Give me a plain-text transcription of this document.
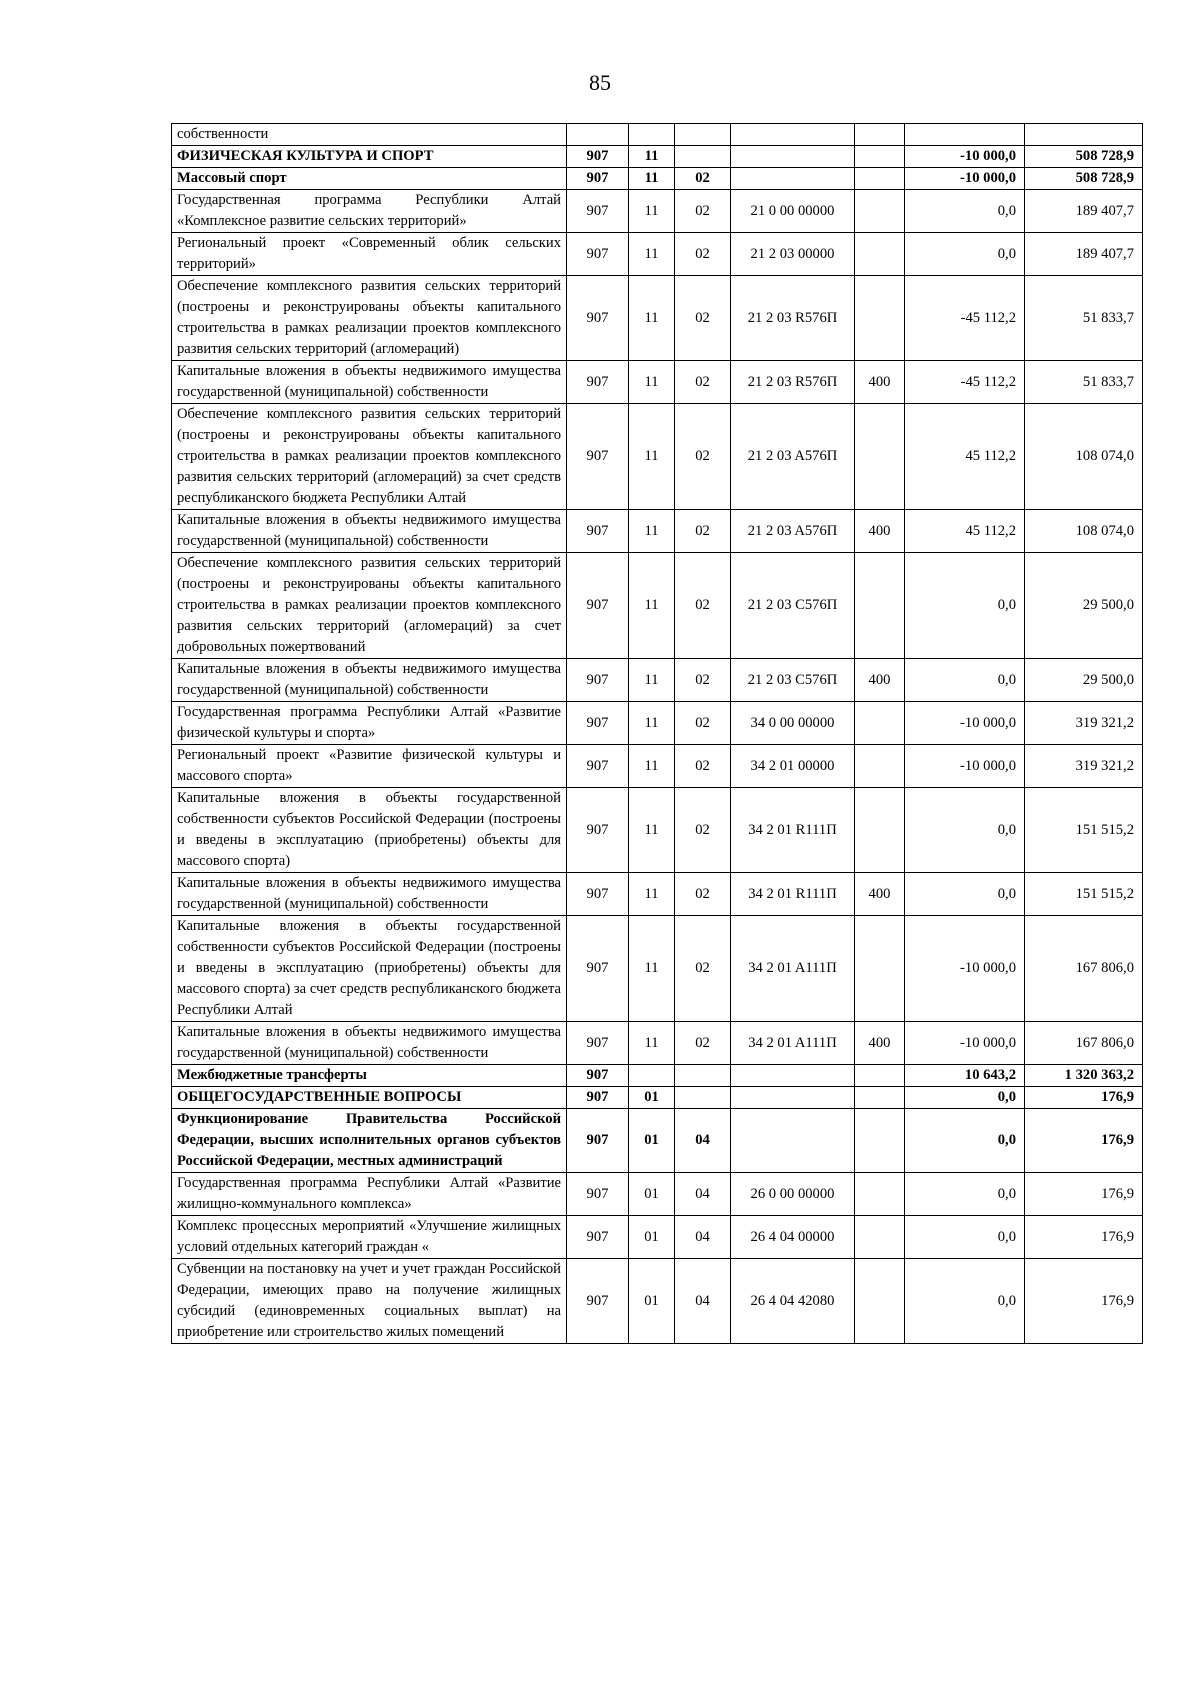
85
собственности							
ФИЗИЧЕСКАЯ КУЛЬТУРА И СПОРТ	907	11				-10 000,0	508 728,9
Массовый спорт	907	11	02			-10 000,0	508 728,9
Государственная программа Республики Алтай «Комплексное развитие сельских территорий»	907	11	02	21 0 00 00000		0,0	189 407,7
Региональный проект «Современный облик сельских территорий»	907	11	02	21 2 03 00000		0,0	189 407,7
Обеспечение комплексного развития сельских территорий (построены и реконструированы объекты капитального строительства в рамках реализации проектов комплексного развития сельских территорий (агломераций)	907	11	02	21 2 03 R576П		-45 112,2	51 833,7
Капитальные вложения в объекты недвижимого имущества государственной (муниципальной) собственности	907	11	02	21 2 03 R576П	400	-45 112,2	51 833,7
Обеспечение комплексного развития сельских территорий (построены и реконструированы объекты капитального строительства в рамках реализации проектов комплексного развития сельских территорий (агломераций) за счет средств республиканского бюджета Республики Алтай	907	11	02	21 2 03 A576П		45 112,2	108 074,0
Капитальные вложения в объекты недвижимого имущества государственной (муниципальной) собственности	907	11	02	21 2 03 A576П	400	45 112,2	108 074,0
Обеспечение комплексного развития сельских территорий (построены и реконструированы объекты капитального строительства в рамках реализации проектов комплексного развития сельских территорий (агломераций) за счет добровольных пожертвований	907	11	02	21 2 03 C576П		0,0	29 500,0
Капитальные вложения в объекты недвижимого имущества государственной (муниципальной) собственности	907	11	02	21 2 03 C576П	400	0,0	29 500,0
Государственная программа Республики Алтай «Развитие физической культуры и спорта»	907	11	02	34 0 00 00000		-10 000,0	319 321,2
Региональный проект «Развитие физической культуры и массового спорта»	907	11	02	34 2 01 00000		-10 000,0	319 321,2
Капитальные вложения в объекты государственной собственности субъектов Российской Федерации (построены и введены в эксплуатацию (приобретены) объекты для массового спорта)	907	11	02	34 2 01 R111П		0,0	151 515,2
Капитальные вложения в объекты недвижимого имущества государственной (муниципальной) собственности	907	11	02	34 2 01 R111П	400	0,0	151 515,2
Капитальные вложения в объекты государственной собственности субъектов Российской Федерации (построены и введены в эксплуатацию (приобретены) объекты для массового спорта) за счет средств республиканского бюджета Республики Алтай	907	11	02	34 2 01 A111П		-10 000,0	167 806,0
Капитальные вложения в объекты недвижимого имущества государственной (муниципальной) собственности	907	11	02	34 2 01 A111П	400	-10 000,0	167 806,0
Межбюджетные трансферты	907					10 643,2	1 320 363,2
ОБЩЕГОСУДАРСТВЕННЫЕ ВОПРОСЫ	907	01				0,0	176,9
Функционирование Правительства Российской Федерации, высших исполнительных органов субъектов Российской Федерации, местных администраций	907	01	04			0,0	176,9
Государственная программа Республики Алтай «Развитие жилищно-коммунального комплекса»	907	01	04	26 0 00 00000		0,0	176,9
Комплекс процессных мероприятий «Улучшение жилищных условий отдельных категорий граждан «	907	01	04	26 4 04 00000		0,0	176,9
Субвенции на постановку на учет и учет граждан Российской Федерации, имеющих право на получение жилищных субсидий (единовременных социальных выплат) на приобретение или строительство жилых помещений	907	01	04	26 4 04 42080		0,0	176,9
